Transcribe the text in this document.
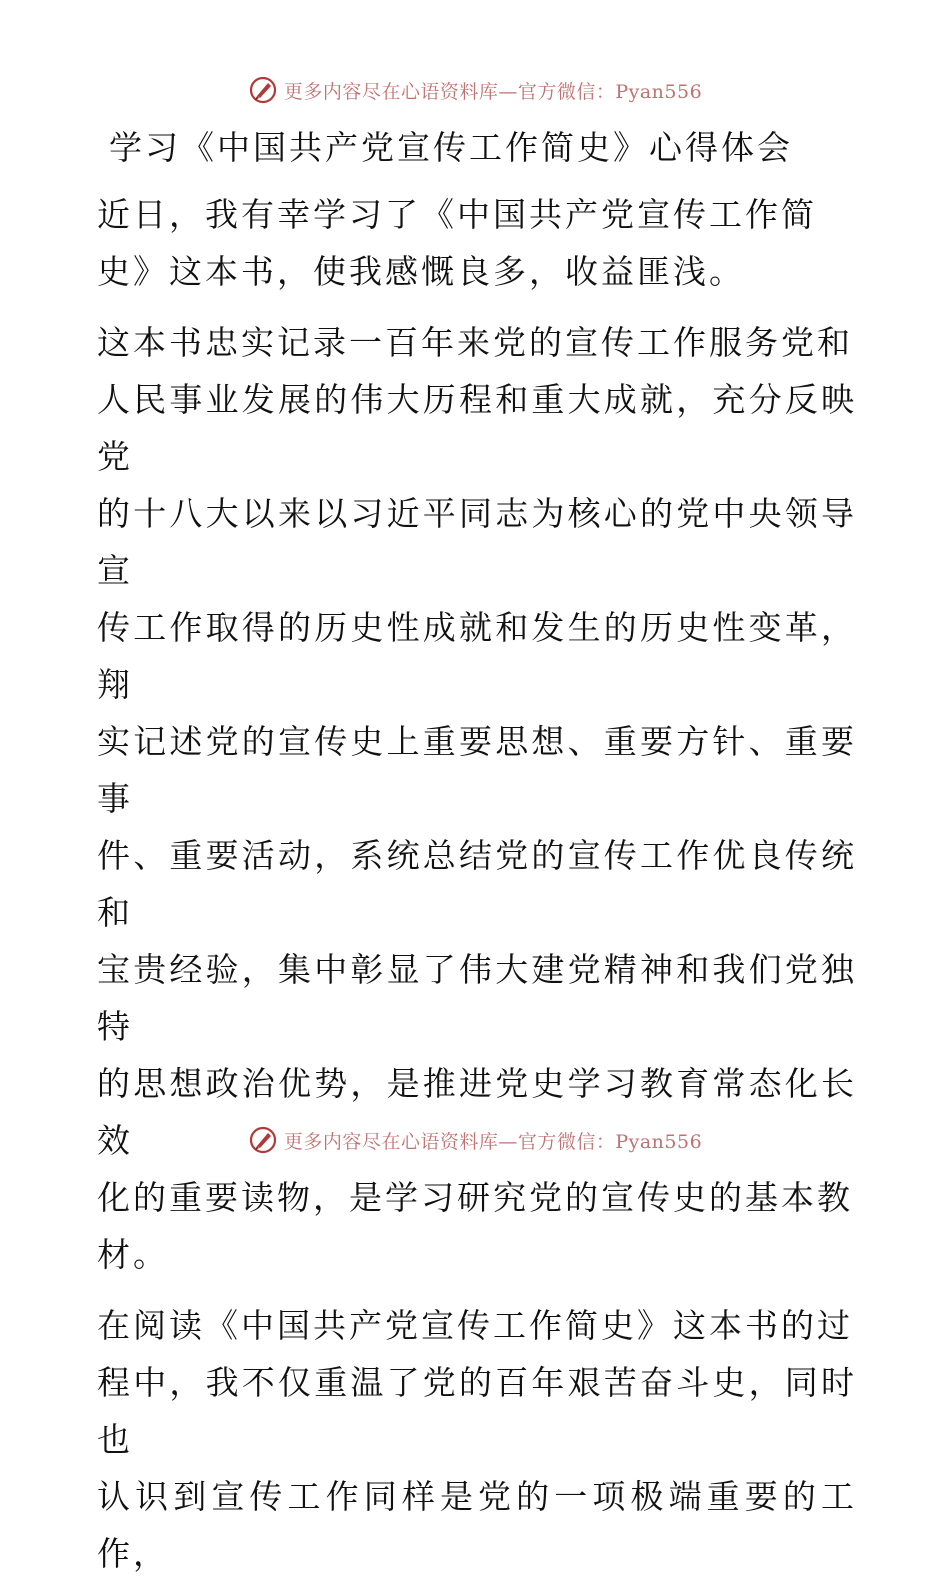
更多内容尽在心语资料库—官方微信：Pyan556
学习《中国共产党宣传工作简史》心得体会

近日，我有幸学习了《中国共产党宣传工作简
史》这本书，使我感慨良多，收益匪浅。

这本书忠实记录一百年来党的宣传工作服务党和
人民事业发展的伟大历程和重大成就，充分反映党
的十八大以来以习近平同志为核心的党中央领导宣
传工作取得的历史性成就和发生的历史性变革，翔
实记述党的宣传史上重要思想、重要方针、重要事
件、重要活动，系统总结党的宣传工作优良传统和
宝贵经验，集中彰显了伟大建党精神和我们党独特
的思想政治优势，是推进党史学习教育常态化长效
化的重要读物，是学习研究党的宣传史的基本教
材。

在阅读《中国共产党宣传工作简史》这本书的过
程中，我不仅重温了党的百年艰苦奋斗史，同时也
认识到宣传工作同样是党的一项极端重要的工作，

更多内容尽在心语资料库—官方微信：Pyan556
